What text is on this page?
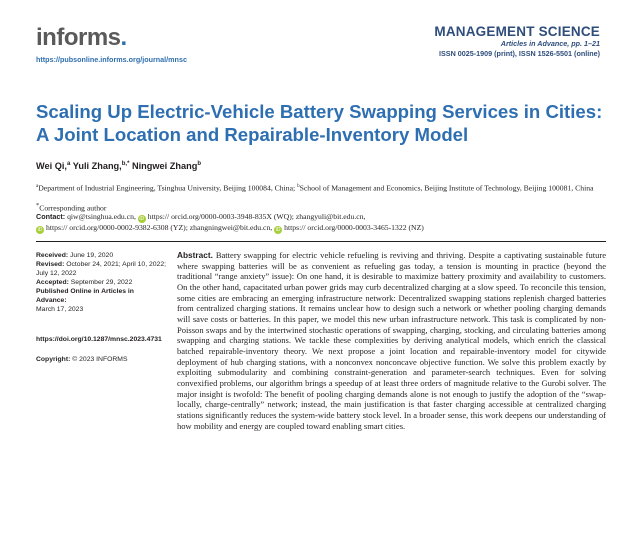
informs.
https://pubsonline.informs.org/journal/mnsc
MANAGEMENT SCIENCE
Articles in Advance, pp. 1–21
ISSN 0025-1909 (print), ISSN 1526-5501 (online)
Scaling Up Electric-Vehicle Battery Swapping Services in Cities:
A Joint Location and Repairable-Inventory Model
Wei Qi,$^a$ Yuli Zhang,$^{b,*}$ Ningwei Zhang$^b$
$^a$Department of Industrial Engineering, Tsinghua University, Beijing 100084, China; $^b$School of Management and Economics, Beijing Institute of Technology, Beijing 100081, China
*Corresponding author
Contact: qiw@tsinghua.edu.cn, iD https:// orcid.org/0000-0003-3948-835X (WQ); zhangyuli@bit.edu.cn,
iD https:// orcid.org/0000-0002-9382-6308 (YZ); zhangningwei@bit.edu.cn, iD https:// orcid.org/0000-0003-3465-1322 (NZ)
Received: June 19, 2020
Revised: October 24, 2021; April 10, 2022; July 12, 2022
Accepted: September 29, 2022
Published Online in Articles in Advance:
March 17, 2023
https://doi.org/10.1287/mnsc.2023.4731
Copyright: © 2023 INFORMS
Abstract. Battery swapping for electric vehicle refueling is reviving and thriving. Despite a captivating sustainable future where swapping batteries will be as convenient as refueling gas today, a tension is mounting in practice (beyond the traditional “range anxiety” issue): On one hand, it is desirable to maximize battery proximity and availability to customers. On the other hand, capacitated urban power grids may curb decentralized charging at a slow speed. To reconcile this tension, some cities are embracing an emerging infrastructure network: Decentralized swapping stations replenish charged batteries from centralized charging stations. It remains unclear how to design such a network or whether pooling charging demands will save costs or batteries. In this paper, we model this new urban infrastructure network. This task is complicated by non-Poisson swaps and by the intertwined stochastic operations of swapping, charging, stocking, and circulating batteries among swapping and charging stations. We tackle these complexities by deriving analytical models, which enrich the classical batched repairable-inventory theory. We next propose a joint location and repairable-inventory model for citywide deployment of hub charging stations, with a nonconvex nonconcave objective function. We solve this problem exactly by exploiting submodularity and combining constraint-generation and parameter-search techniques. Even for solving convexified problems, our algorithm brings a speedup of at least three orders of magnitude relative to the Gurobi solver. The major insight is twofold: The benefit of pooling charging demands alone is not enough to justify the adoption of the “swap-locally, charge-centrally” network; instead, the main justification is that faster charging accessible at centralized charging stations significantly reduces the system-wide battery stock level. In a broader sense, this work deepens our understanding of how mobility and energy are coupled toward enabling smart cities.
